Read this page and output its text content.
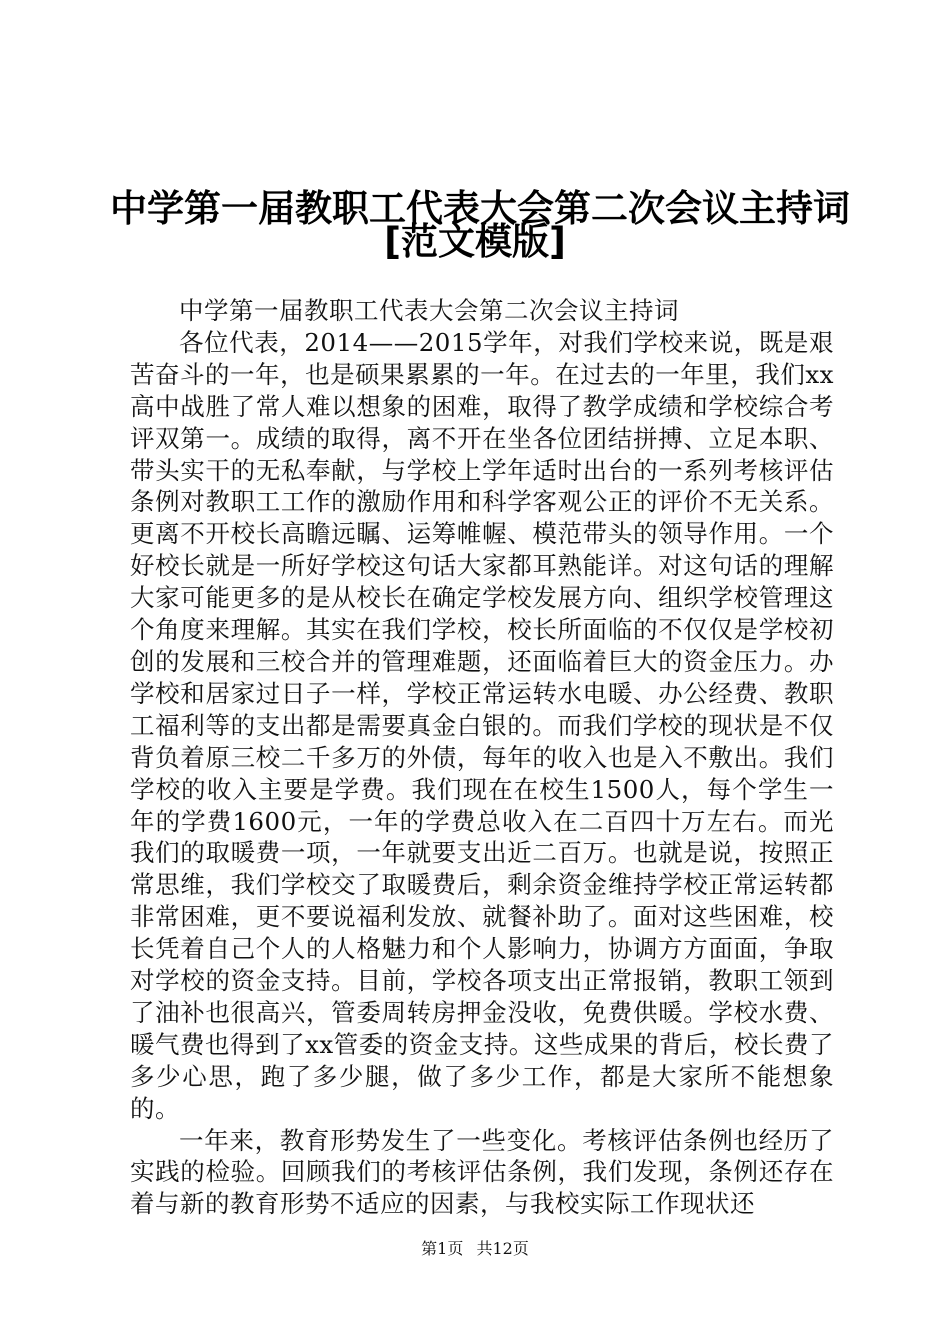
中学第一届教职工代表大会第二次会议主持词
[范文模版]

中学第一届教职工代表大会第二次会议主持词

各位代表，2014——2015学年，对我们学校来说，既是艰苦奋斗的一年，也是硕果累累的一年。在过去的一年里，我们xx高中战胜了常人难以想象的困难，取得了教学成绩和学校综合考评双第一。成绩的取得，离不开在坐各位团结拼搏、立足本职、带头实干的无私奉献，与学校上学年适时出台的一系列考核评估条例对教职工工作的激励作用和科学客观公正的评价不无关系。更离不开校长高瞻远瞩、运筹帷幄、模范带头的领导作用。一个好校长就是一所好学校这句话大家都耳熟能详。对这句话的理解大家可能更多的是从校长在确定学校发展方向、组织学校管理这个角度来理解。其实在我们学校，校长所面临的不仅仅是学校初创的发展和三校合并的管理难题，还面临着巨大的资金压力。办学校和居家过日子一样，学校正常运转水电暖、办公经费、教职工福利等的支出都是需要真金白银的。而我们学校的现状是不仅背负着原三校二千多万的外债，每年的收入也是入不敷出。我们学校的收入主要是学费。我们现在在校生1500人，每个学生一年的学费1600元，一年的学费总收入在二百四十万左右。而光我们的取暖费一项，一年就要支出近二百万。也就是说，按照正常思维，我们学校交了取暖费后，剩余资金维持学校正常运转都非常困难，更不要说福利发放、就餐补助了。面对这些困难，校长凭着自己个人的人格魅力和个人影响力，协调方方面面，争取对学校的资金支持。目前，学校各项支出正常报销，教职工领到了油补也很高兴，管委周转房押金没收，免费供暖。学校水费、暖气费也得到了xx管委的资金支持。这些成果的背后，校长费了多少心思，跑了多少腿，做了多少工作，都是大家所不能想象的。

一年来，教育形势发生了一些变化。考核评估条例也经历了实践的检验。回顾我们的考核评估条例，我们发现，条例还存在着与新的教育形势不适应的因素，与我校实际工作现状还

第1页 共12页
